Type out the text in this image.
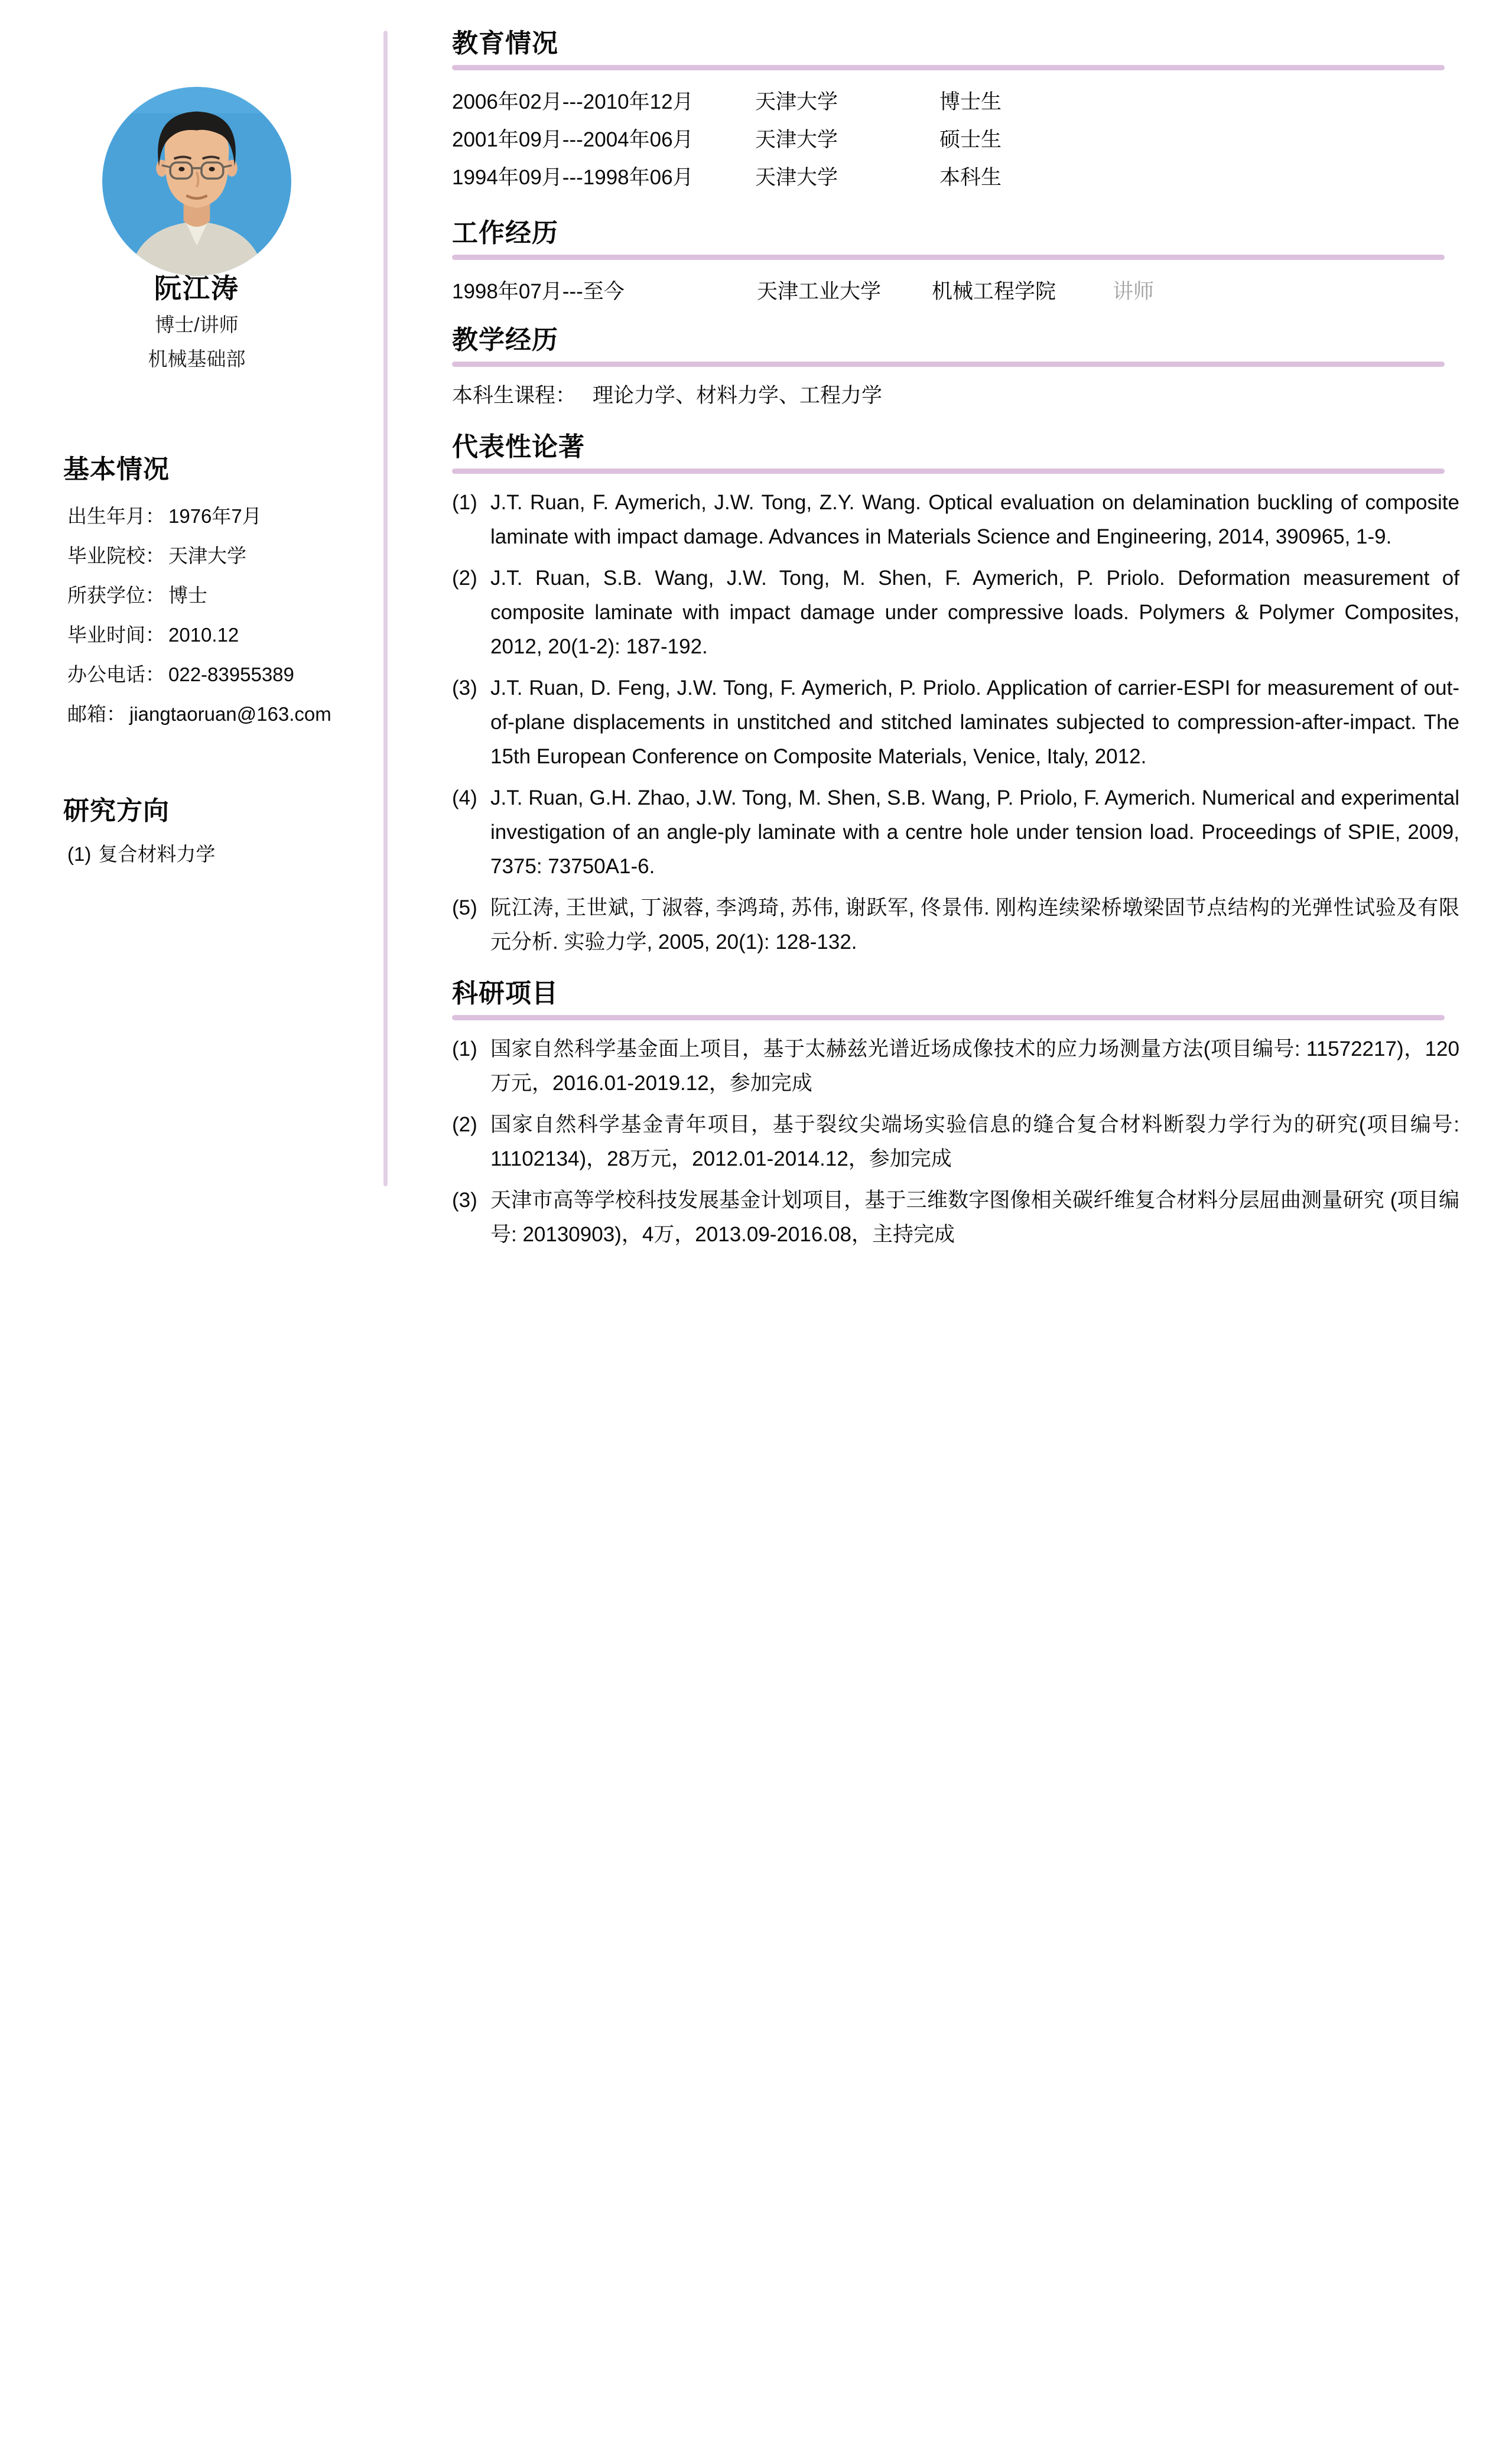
阮江涛
博士/讲师
机械基础部
基本情况
出生年月： 1976年7月
毕业院校： 天津大学
所获学位： 博士
毕业时间： 2010.12
办公电话： 022-83955389
邮箱： jiangtaoruan@163.com
研究方向
(1) 复合材料力学
教育情况
2006年02月---2010年12月	天津大学	博士生
2001年09月---2004年06月	天津大学	硕士生
1994年09月---1998年06月	天津大学	本科生
工作经历
1998年07月---至今	天津工业大学	机械工程学院	讲师
教学经历
本科生课程： 理论力学、材料力学、工程力学
代表性论著
(1) J.T. Ruan, F. Aymerich, J.W. Tong, Z.Y. Wang. Optical evaluation on delamination buckling of composite laminate with impact damage. Advances in Materials Science and Engineering, 2014, 390965, 1-9.
(2) J.T. Ruan, S.B. Wang, J.W. Tong, M. Shen, F. Aymerich, P. Priolo. Deformation measurement of composite laminate with impact damage under compressive loads. Polymers & Polymer Composites, 2012, 20(1-2): 187-192.
(3) J.T. Ruan, D. Feng, J.W. Tong, F. Aymerich, P. Priolo. Application of carrier-ESPI for measurement of out-of-plane displacements in unstitched and stitched laminates subjected to compression-after-impact. The 15th European Conference on Composite Materials, Venice, Italy, 2012.
(4) J.T. Ruan, G.H. Zhao, J.W. Tong, M. Shen, S.B. Wang, P. Priolo, F. Aymerich. Numerical and experimental investigation of an angle-ply laminate with a centre hole under tension load. Proceedings of SPIE, 2009, 7375: 73750A1-6.
(5) 阮江涛, 王世斌, 丁淑蓉, 李鸿琦, 苏伟, 谢跃军, 佟景伟. 刚构连续梁桥墩梁固节点结构的光弹性试验及有限元分析. 实验力学, 2005, 20(1): 128-132.
科研项目
(1) 国家自然科学基金面上项目，基于太赫兹光谱近场成像技术的应力场测量方法(项目编号: 11572217)，120万元，2016.01-2019.12，参加完成
(2) 国家自然科学基金青年项目，基于裂纹尖端场实验信息的缝合复合材料断裂力学行为的研究(项目编号: 11102134)，28万元，2012.01-2014.12，参加完成
(3) 天津市高等学校科技发展基金计划项目，基于三维数字图像相关碳纤维复合材料分层屈曲测量研究 (项目编号: 20130903)，4万，2013.09-2016.08，主持完成
